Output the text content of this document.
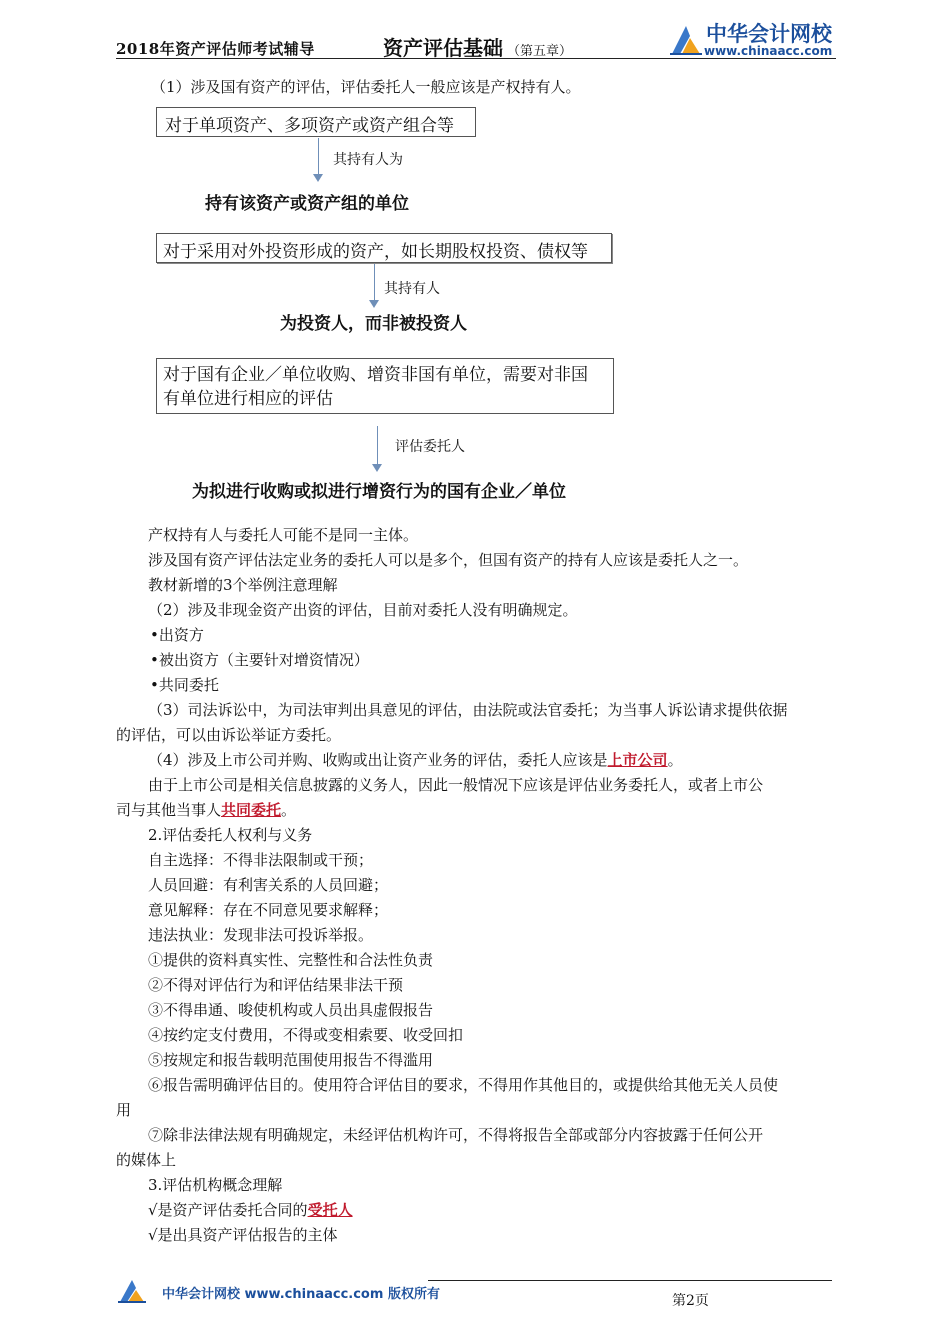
2018年资产评估师考试辅导	资产评估基础 （第五章）
中华会计网校
www.chinaacc.com
（1）涉及国有资产的评估，评估委托人一般应该是产权持有人。
对于单项资产、多项资产或资产组合等
其持有人为
持有该资产或资产组的单位
对于采用对外投资形成的资产，如长期股权投资、债权等
其持有人
为投资人，而非被投资人
对于国有企业／单位收购、增资非国有单位，需要对非国
有单位进行相应的评估
评估委托人
为拟进行收购或拟进行增资行为的国有企业／单位
产权持有人与委托人可能不是同一主体。
涉及国有资产评估法定业务的委托人可以是多个，但国有资产的持有人应该是委托人之一。
教材新增的3个举例注意理解
（2）涉及非现金资产出资的评估，目前对委托人没有明确规定。
•出资方
•被出资方（主要针对增资情况）
•共同委托
（3）司法诉讼中，为司法审判出具意见的评估，由法院或法官委托；为当事人诉讼请求提供依据
的评估，可以由诉讼举证方委托。
（4）涉及上市公司并购、收购或出让资产业务的评估，委托人应该是上市公司。
由于上市公司是相关信息披露的义务人，因此一般情况下应该是评估业务委托人，或者上市公
司与其他当事人共同委托。
2.评估委托人权利与义务
自主选择：不得非法限制或干预；
人员回避：有利害关系的人员回避；
意见解释：存在不同意见要求解释；
违法执业：发现非法可投诉举报。
①提供的资料真实性、完整性和合法性负责
②不得对评估行为和评估结果非法干预
③不得串通、唆使机构或人员出具虚假报告
④按约定支付费用，不得或变相索要、收受回扣
⑤按规定和报告载明范围使用报告不得滥用
⑥报告需明确评估目的。使用符合评估目的要求，不得用作其他目的，或提供给其他无关人员使
用
⑦除非法律法规有明确规定，未经评估机构许可，不得将报告全部或部分内容披露于任何公开
的媒体上
3.评估机构概念理解
√是资产评估委托合同的受托人
√是出具资产评估报告的主体
中华会计网校 www.chinaacc.com 版权所有	第2页
